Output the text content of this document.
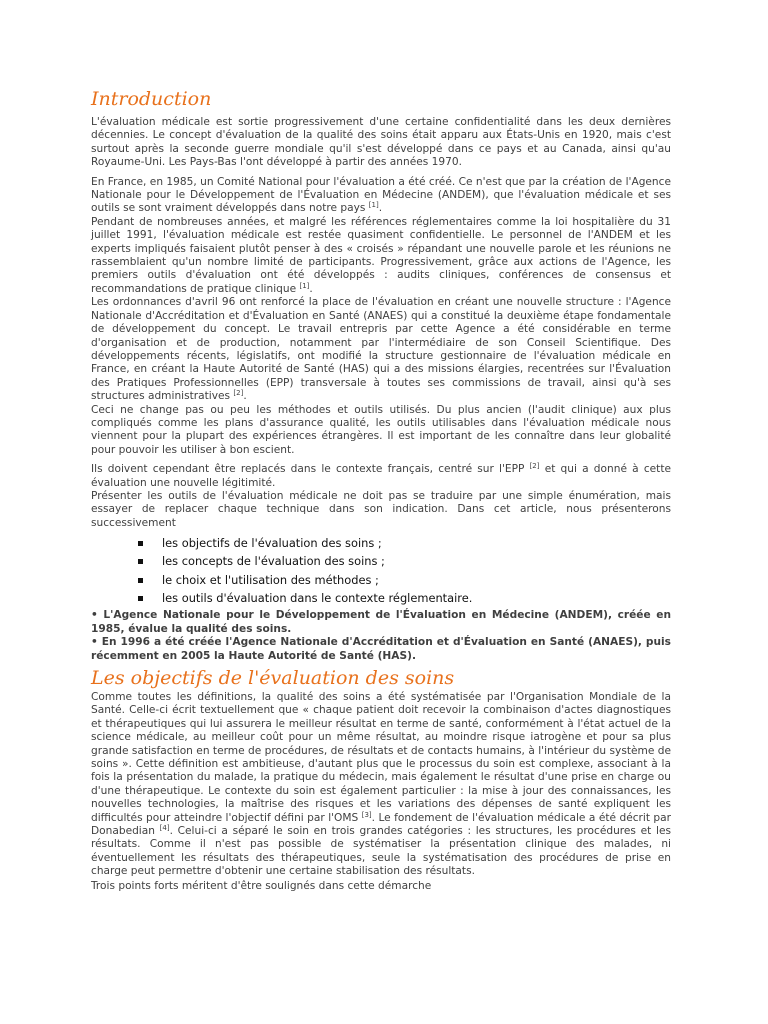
Introduction

L'évaluation médicale est sortie progressivement d'une certaine confidentialité dans les deux dernières décennies. Le concept d'évaluation de la qualité des soins était apparu aux États-Unis en 1920, mais c'est surtout après la seconde guerre mondiale qu'il s'est développé dans ce pays et au Canada, ainsi qu'au Royaume-Uni. Les Pays-Bas l'ont développé à partir des années 1970.

En France, en 1985, un Comité National pour l'évaluation a été créé. Ce n'est que par la création de l'Agence Nationale pour le Développement de l'Évaluation en Médecine (ANDEM), que l'évaluation médicale et ses outils se sont vraiment développés dans notre pays [1].

Pendant de nombreuses années, et malgré les références réglementaires comme la loi hospitalière du 31 juillet 1991, l'évaluation médicale est restée quasiment confidentielle. Le personnel de l'ANDEM et les experts impliqués faisaient plutôt penser à des « croisés » répandant une nouvelle parole et les réunions ne rassemblaient qu'un nombre limité de participants. Progressivement, grâce aux actions de l'Agence, les premiers outils d'évaluation ont été développés : audits cliniques, conférences de consensus et recommandations de pratique clinique [1].

Les ordonnances d'avril 96 ont renforcé la place de l'évaluation en créant une nouvelle structure : l'Agence Nationale d'Accréditation et d'Évaluation en Santé (ANAES) qui a constitué la deuxième étape fondamentale de développement du concept. Le travail entrepris par cette Agence a été considérable en terme d'organisation et de production, notamment par l'intermédiaire de son Conseil Scientifique. Des développements récents, législatifs, ont modifié la structure gestionnaire de l'évaluation médicale en France, en créant la Haute Autorité de Santé (HAS) qui a des missions élargies, recentrées sur l'Évaluation des Pratiques Professionnelles (EPP) transversale à toutes ses commissions de travail, ainsi qu'à ses structures administratives [2].

Ceci ne change pas ou peu les méthodes et outils utilisés. Du plus ancien (l'audit clinique) aux plus compliqués comme les plans d'assurance qualité, les outils utilisables dans l'évaluation médicale nous viennent pour la plupart des expériences étrangères. Il est important de les connaître dans leur globalité pour pouvoir les utiliser à bon escient.

Ils doivent cependant être replacés dans le contexte français, centré sur l'EPP [2] et qui a donné à cette évaluation une nouvelle légitimité.

Présenter les outils de l'évaluation médicale ne doit pas se traduire par une simple énumération, mais essayer de replacer chaque technique dans son indication. Dans cet article, nous présenterons successivement

les objectifs de l'évaluation des soins ;
les concepts de l'évaluation des soins ;
le choix et l'utilisation des méthodes ;
les outils d'évaluation dans le contexte réglementaire.

• L'Agence Nationale pour le Développement de l'Évaluation en Médecine (ANDEM), créée en 1985, évalue la qualité des soins.

• En 1996 a été créée l'Agence Nationale d'Accréditation et d'Évaluation en Santé (ANAES), puis récemment en 2005 la Haute Autorité de Santé (HAS).

Les objectifs de l'évaluation des soins

Comme toutes les définitions, la qualité des soins a été systématisée par l'Organisation Mondiale de la Santé. Celle-ci écrit textuellement que « chaque patient doit recevoir la combinaison d'actes diagnostiques et thérapeutiques qui lui assurera le meilleur résultat en terme de santé, conformément à l'état actuel de la science médicale, au meilleur coût pour un même résultat, au moindre risque iatrogène et pour sa plus grande satisfaction en terme de procédures, de résultats et de contacts humains, à l'intérieur du système de soins ». Cette définition est ambitieuse, d'autant plus que le processus du soin est complexe, associant à la fois la présentation du malade, la pratique du médecin, mais également le résultat d'une prise en charge ou d'une thérapeutique. Le contexte du soin est également particulier : la mise à jour des connaissances, les nouvelles technologies, la maîtrise des risques et les variations des dépenses de santé expliquent les difficultés pour atteindre l'objectif défini par l'OMS [3]. Le fondement de l'évaluation médicale a été décrit par Donabedian [4]. Celui-ci a séparé le soin en trois grandes catégories : les structures, les procédures et les résultats. Comme il n'est pas possible de systématiser la présentation clinique des malades, ni éventuellement les résultats des thérapeutiques, seule la systématisation des procédures de prise en charge peut permettre d'obtenir une certaine stabilisation des résultats.

Trois points forts méritent d'être soulignés dans cette démarche
